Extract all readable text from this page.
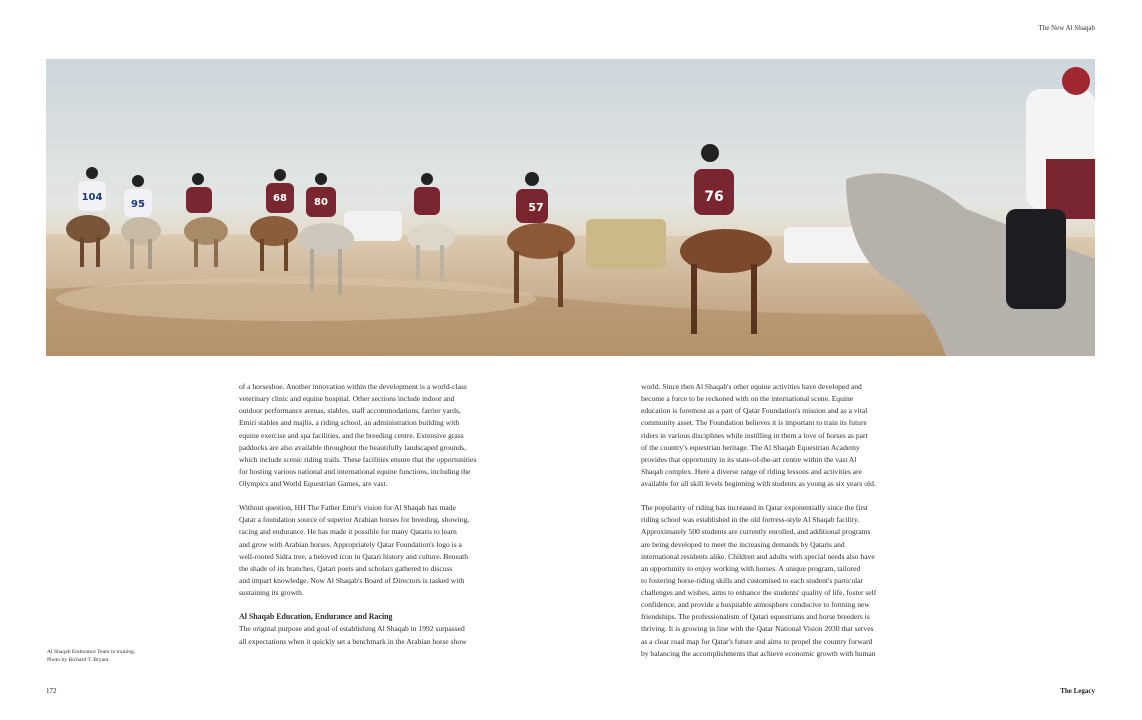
The New Al Shaqab
104
95
68	80	57
76

of a horseshoe. Another innovation within the development is a world-class
veterinary clinic and equine hospital. Other sections include indoor and
outdoor performance arenas, stables, staff accommodations, farrier yards,
Emiri stables and majlis, a riding school, an administration building with
equine exercise and spa facilities, and the breeding centre. Extensive grass
paddocks are also available throughout the beautifully landscaped grounds,
which include scenic riding trails. These facilities ensure that the opportunities
for hosting various national and international equine functions, including the
Olympics and World Equestrian Games, are vast.

Without question, HH The Father Emir's vision for Al Shaqab has made
Qatar a foundation source of superior Arabian horses for breeding, showing,
racing and endurance. He has made it possible for many Qataris to learn
and grow with Arabian horses. Appropriately Qatar Foundation's logo is a
well-rooted Sidra tree, a beloved icon in Qatari history and culture. Beneath
the shade of its branches, Qatari poets and scholars gathered to discuss
and impart knowledge. Now Al Shaqab's Board of Directors is tasked with
sustaining its growth.

Al Shaqab Education, Endurance and Racing
The original purpose and goal of establishing Al Shaqab in 1992 surpassed
all expectations when it quickly set a benchmark in the Arabian horse show

world. Since then Al Shaqab's other equine activities have developed and
become a force to be reckoned with on the international scene. Equine
education is foremost as a part of Qatar Foundation's mission and as a vital
community asset. The Foundation believes it is important to train its future
riders in various disciplines while instilling in them a love of horses as part
of the country's equestrian heritage. The Al Shaqab Equestrian Academy
provides that opportunity in its state-of-the-art centre within the vast Al
Shaqab complex. Here a diverse range of riding lessons and activities are
available for all skill levels beginning with students as young as six years old.

The popularity of riding has increased in Qatar exponentially since the first
riding school was established in the old fortress-style Al Shaqab facility.
Approximately 500 students are currently enrolled, and additional programs
are being developed to meet the increasing demands by Qataris and
international residents alike. Children and adults with special needs also have
an opportunity to enjoy working with horses. A unique program, tailored
to fostering horse-riding skills and customised to each student's particular
challenges and wishes, aims to enhance the students' quality of life, foster self
confidence, and provide a hospitable atmosphere conducive to forming new
friendships. The professionalism of Qatari equestrians and horse breeders is
thriving. It is growing in line with the Qatar National Vision 2030 that serves
as a clear road map for Qatar's future and aims to propel the country forward
by balancing the accomplishments that achieve economic growth with human

Al Shaqab Endurance Team in training.
Photo by Richard T. Bryant.
172	The Legacy
